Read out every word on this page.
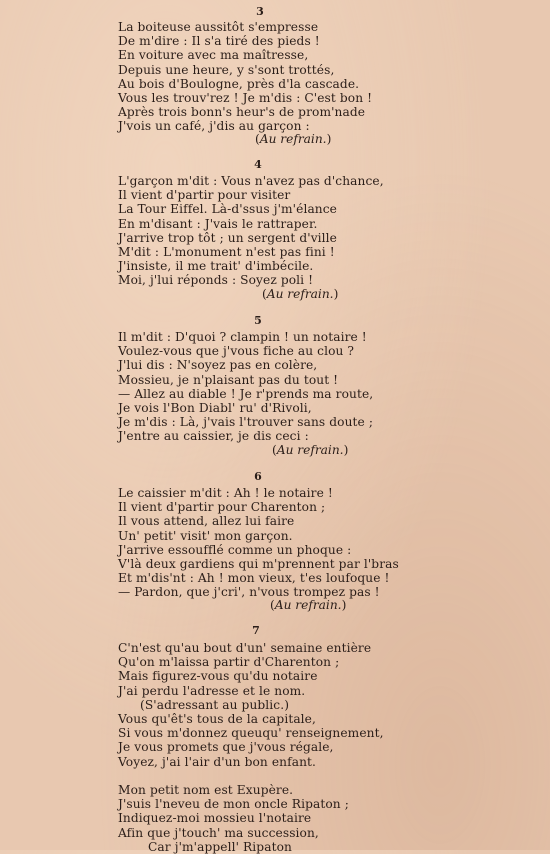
3
La boiteuse aussitôt s'empresse
De m'dire : Il s'a tiré des pieds !
En voiture avec ma maîtresse,
Depuis une heure, y s'sont trottés,
Au bois d'Boulogne, près d'la cascade.
Vous les trouv'rez ! Je m'dis : C'est bon !
Après trois bonn's heur's de prom'nade
J'vois un café, j'dis au garçon :
(Au refrain.)
4
L'garçon m'dit : Vous n'avez pas d'chance,
Il vient d'partir pour visiter
La Tour Eiffel. Là-d'ssus j'm'élance
En m'disant : J'vais le rattraper.
J'arrive trop tôt ; un sergent d'ville
M'dit : L'monument n'est pas fini !
J'insiste, il me trait' d'imbécile.
Moi, j'lui réponds : Soyez poli !
(Au refrain.)
5
Il m'dit : D'quoi ? clampin ! un notaire !
Voulez-vous que j'vous fiche au clou ?
J'lui dis : N'soyez pas en colère,
Mossieu, je n'plaisant pas du tout !
— Allez au diable ! Je r'prends ma route,
Je vois l'Bon Diabl' ru' d'Rivoli,
Je m'dis : Là, j'vais l'trouver sans doute ;
J'entre au caissier, je dis ceci :
(Au refrain.)
6
Le caissier m'dit : Ah ! le notaire !
Il vient d'partir pour Charenton ;
Il vous attend, allez lui faire
Un' petit' visit' mon garçon.
J'arrive essoufflé comme un phoque :
V'là deux gardiens qui m'prennent par l'bras
Et m'dis'nt : Ah ! mon vieux, t'es loufoque !
— Pardon, que j'cri', n'vous trompez pas !
(Au refrain.)
7
C'n'est qu'au bout d'un' semaine entière
Qu'on m'laissa partir d'Charenton ;
Mais figurez-vous qu'du notaire
J'ai perdu l'adresse et le nom.
(S'adressant au public.)
Vous qu'êt's tous de la capitale,
Si vous m'donnez queuqu' renseignement,
Je vous promets que j'vous régale,
Voyez, j'ai l'air d'un bon enfant.

Mon petit nom est Exupère.
J'suis l'neveu de mon oncle Ripaton ;
Indiquez-moi mossieu l'notaire
Afin que j'touch' ma succession,
Car j'm'appell' Ripaton
